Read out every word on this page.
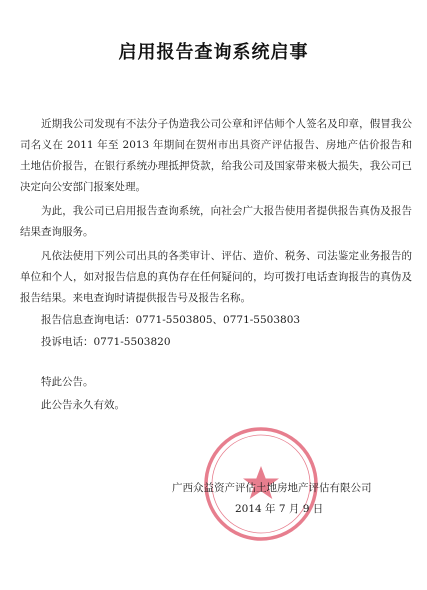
启用报告查询系统启事

近期我公司发现有不法分子伪造我公司公章和评估师个人签名及印章，假冒我公司名义在 2011 年至 2013 年期间在贺州市出具资产评估报告、房地产估价报告和土地估价报告，在银行系统办理抵押贷款，给我公司及国家带来极大损失，我公司已决定向公安部门报案处理。

为此，我公司已启用报告查询系统，向社会广大报告使用者提供报告真伪及报告结果查询服务。

凡依法使用下列公司出具的各类审计、评估、造价、税务、司法鉴定业务报告的单位和个人，如对报告信息的真伪存在任何疑问的，均可拨打电话查询报告的真伪及报告结果。来电查询时请提供报告号及报告名称。

报告信息查询电话：0771-5503805、0771-5503803
投诉电话：0771-5503820
特此公告。
此公告永久有效。
广西众益资产评估土地房地产评估有限公司
2014 年 7 月 9 日
